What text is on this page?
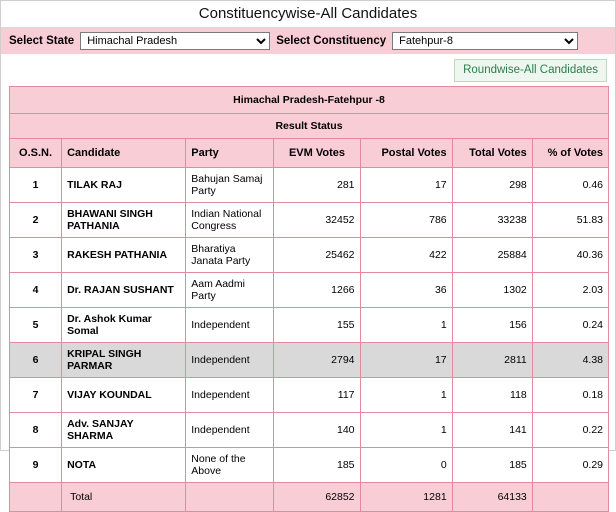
Constituencywise-All Candidates
Select State
Himachal Pradesh	Select Constituency
Fatehpur-8
Roundwise-All Candidates
Himachal Pradesh-Fatehpur -8						
Result Status						
O.S.N.	Candidate	Party	EVM Votes	Postal Votes	Total Votes	% of Votes
1	TILAK RAJ	Bahujan Samaj Party	281	17	298	0.46
2	BHAWANI SINGH PATHANIA	Indian National Congress	32452	786	33238	51.83
3	RAKESH PATHANIA	Bharatiya Janata Party	25462	422	25884	40.36
4	Dr. RAJAN SUSHANT	Aam Aadmi Party	1266	36	1302	2.03
5	Dr. Ashok Kumar Somal	Independent	155	1	156	0.24
6	KRIPAL SINGH PARMAR	Independent	2794	17	2811	4.38
7	VIJAY KOUNDAL	Independent	117	1	118	0.18
8	Adv. SANJAY SHARMA	Independent	140	1	141	0.22
9	NOTA	None of the Above	185	0	185	0.29
	Total		62852	1281	64133	
